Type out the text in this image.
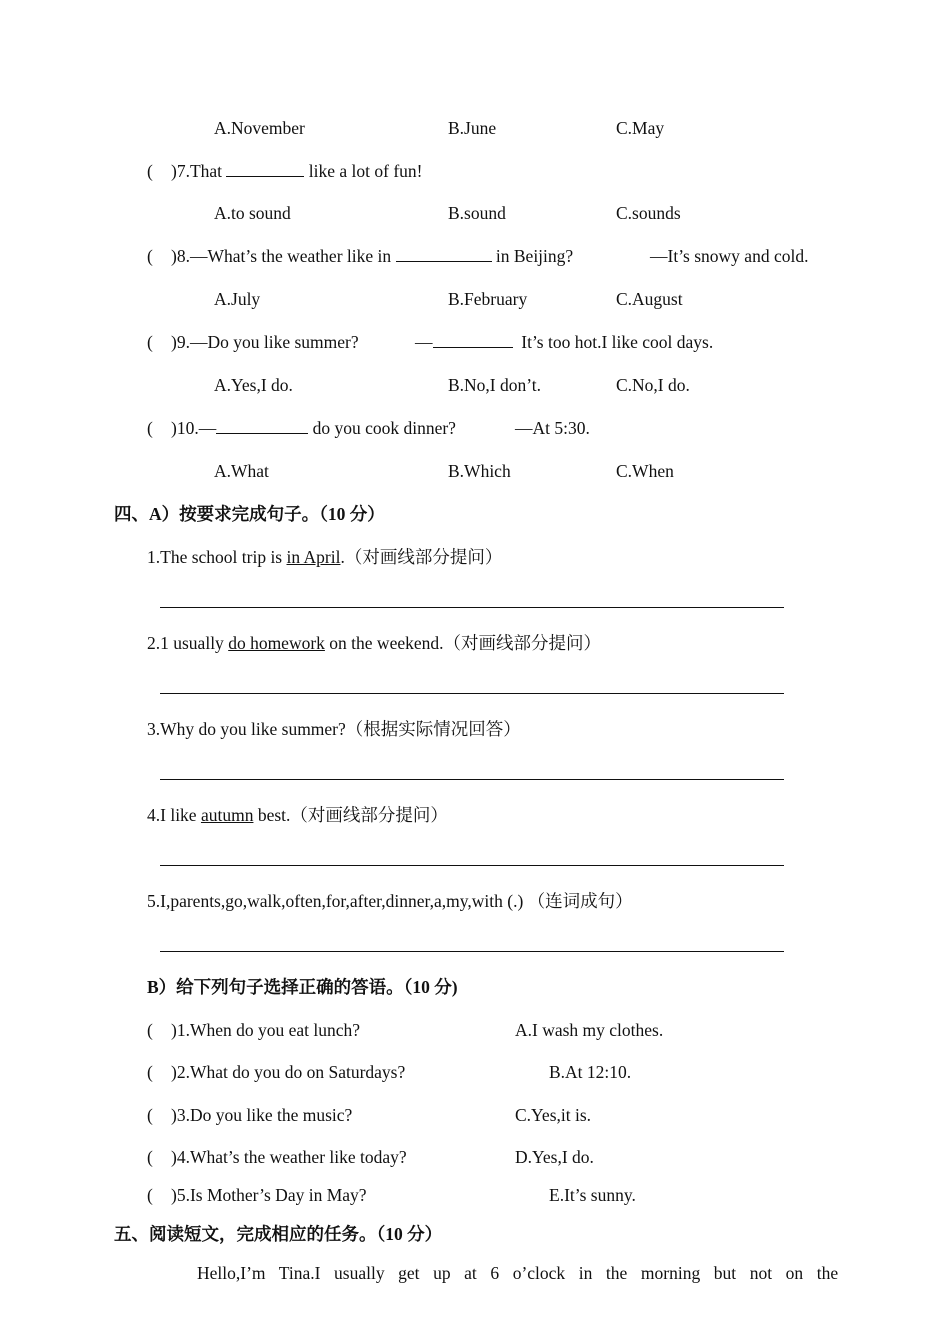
A.November	B.June	C.May
( )7.That	like a lot of fun!
A.to sound	B.sound	C.sounds
( )8.—What’s the weather like in	in Beijing?	—It’s snowy and cold.
A.July	B.February	C.August
( )9.—Do you like summer?	—	It’s too hot.I like cool days.
A.Yes,I do.	B.No,I don’t.	C.No,I do.
( )10.—	do you cook dinner?	—At 5:30.
A.What	B.Which	C.When
四、A）按要求完成句子。（10 分）
1.The school trip is in April.（对画线部分提问）
2.1 usually do homework on the weekend.（对画线部分提问）
3.Why do you like summer?（根据实际情况回答）
4.I like autumn best.（对画线部分提问）
5.I,parents,go,walk,often,for,after,dinner,a,my,with (.) （连词成句）
B）给下列句子选择正确的答语。（10 分)
( )1.When do you eat lunch?	A.I wash my clothes.
( )2.What do you do on Saturdays?	B.At 12:10.
( )3.Do you like the music?	C.Yes,it is.
( )4.What’s the weather like today?	D.Yes,I do.
( )5.Is Mother’s Day in May?	E.It’s sunny.
五、阅读短文，完成相应的任务。（10 分）
Hello,I’m Tina.I usually get up at 6 o’clock in the morning but not on the
